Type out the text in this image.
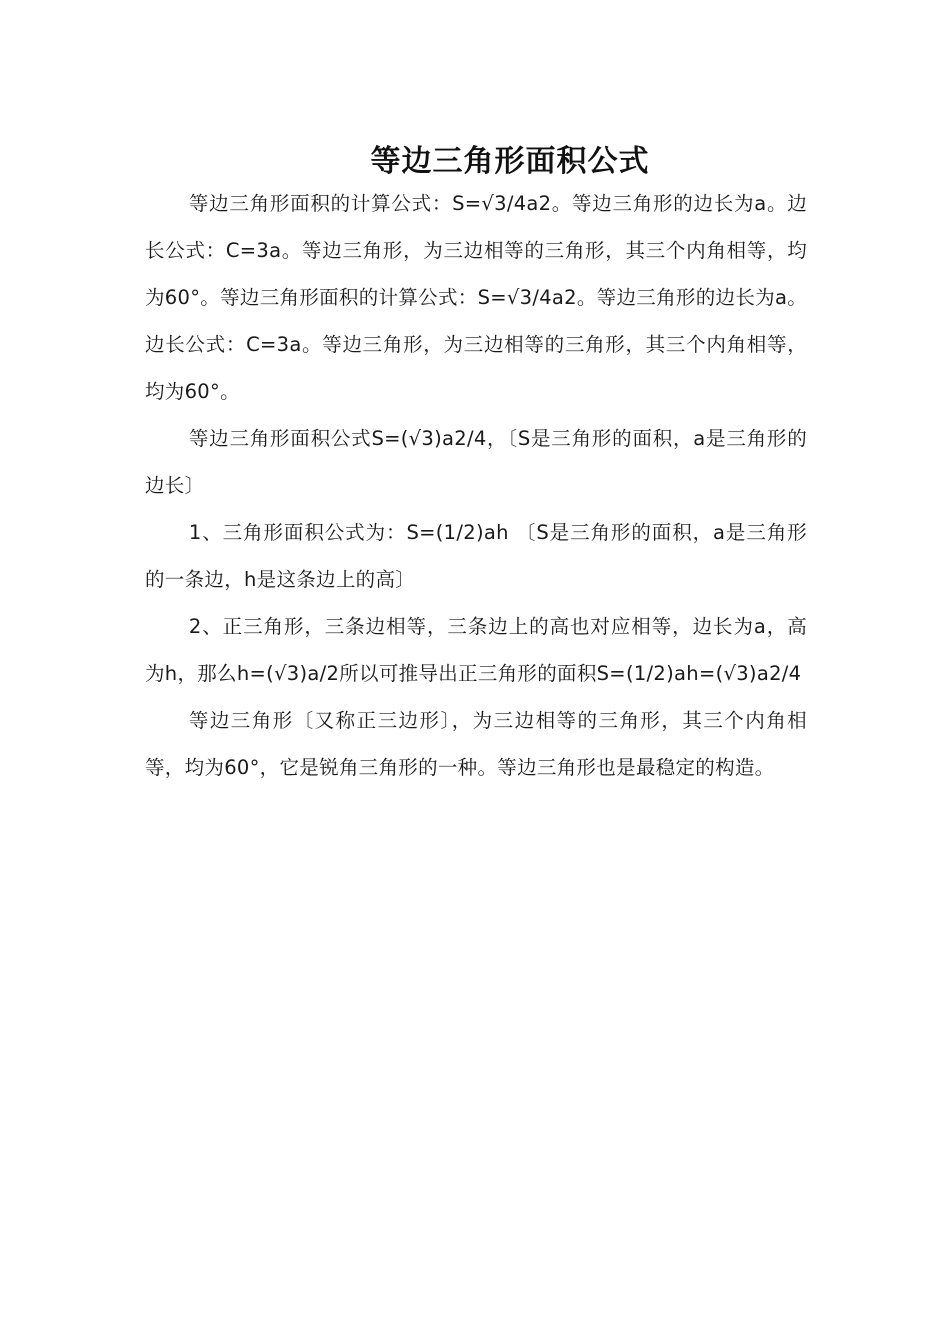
等边三角形面积公式

等边三角形面积的计算公式：S=√3/4a2。等边三角形的边长为a。边长公式：C=3a。等边三角形，为三边相等的三角形，其三个内角相等，均为60°。等边三角形面积的计算公式：S=√3/4a2。等边三角形的边长为a。边长公式：C=3a。等边三角形，为三边相等的三角形，其三个内角相等，均为60°。

等边三角形面积公式S=(√3)a2/4，〔S是三角形的面积，a是三角形的边长〕

1、三角形面积公式为：S=(1/2)ah 〔S是三角形的面积，a是三角形的一条边，h是这条边上的高〕

2、正三角形，三条边相等，三条边上的高也对应相等，边长为a，高为h，那么h=(√3)a/2所以可推导出正三角形的面积S=(1/2)ah=(√3)a2/4

等边三角形〔又称正三边形〕，为三边相等的三角形，其三个内角相等，均为60°，它是锐角三角形的一种。等边三角形也是最稳定的构造。
